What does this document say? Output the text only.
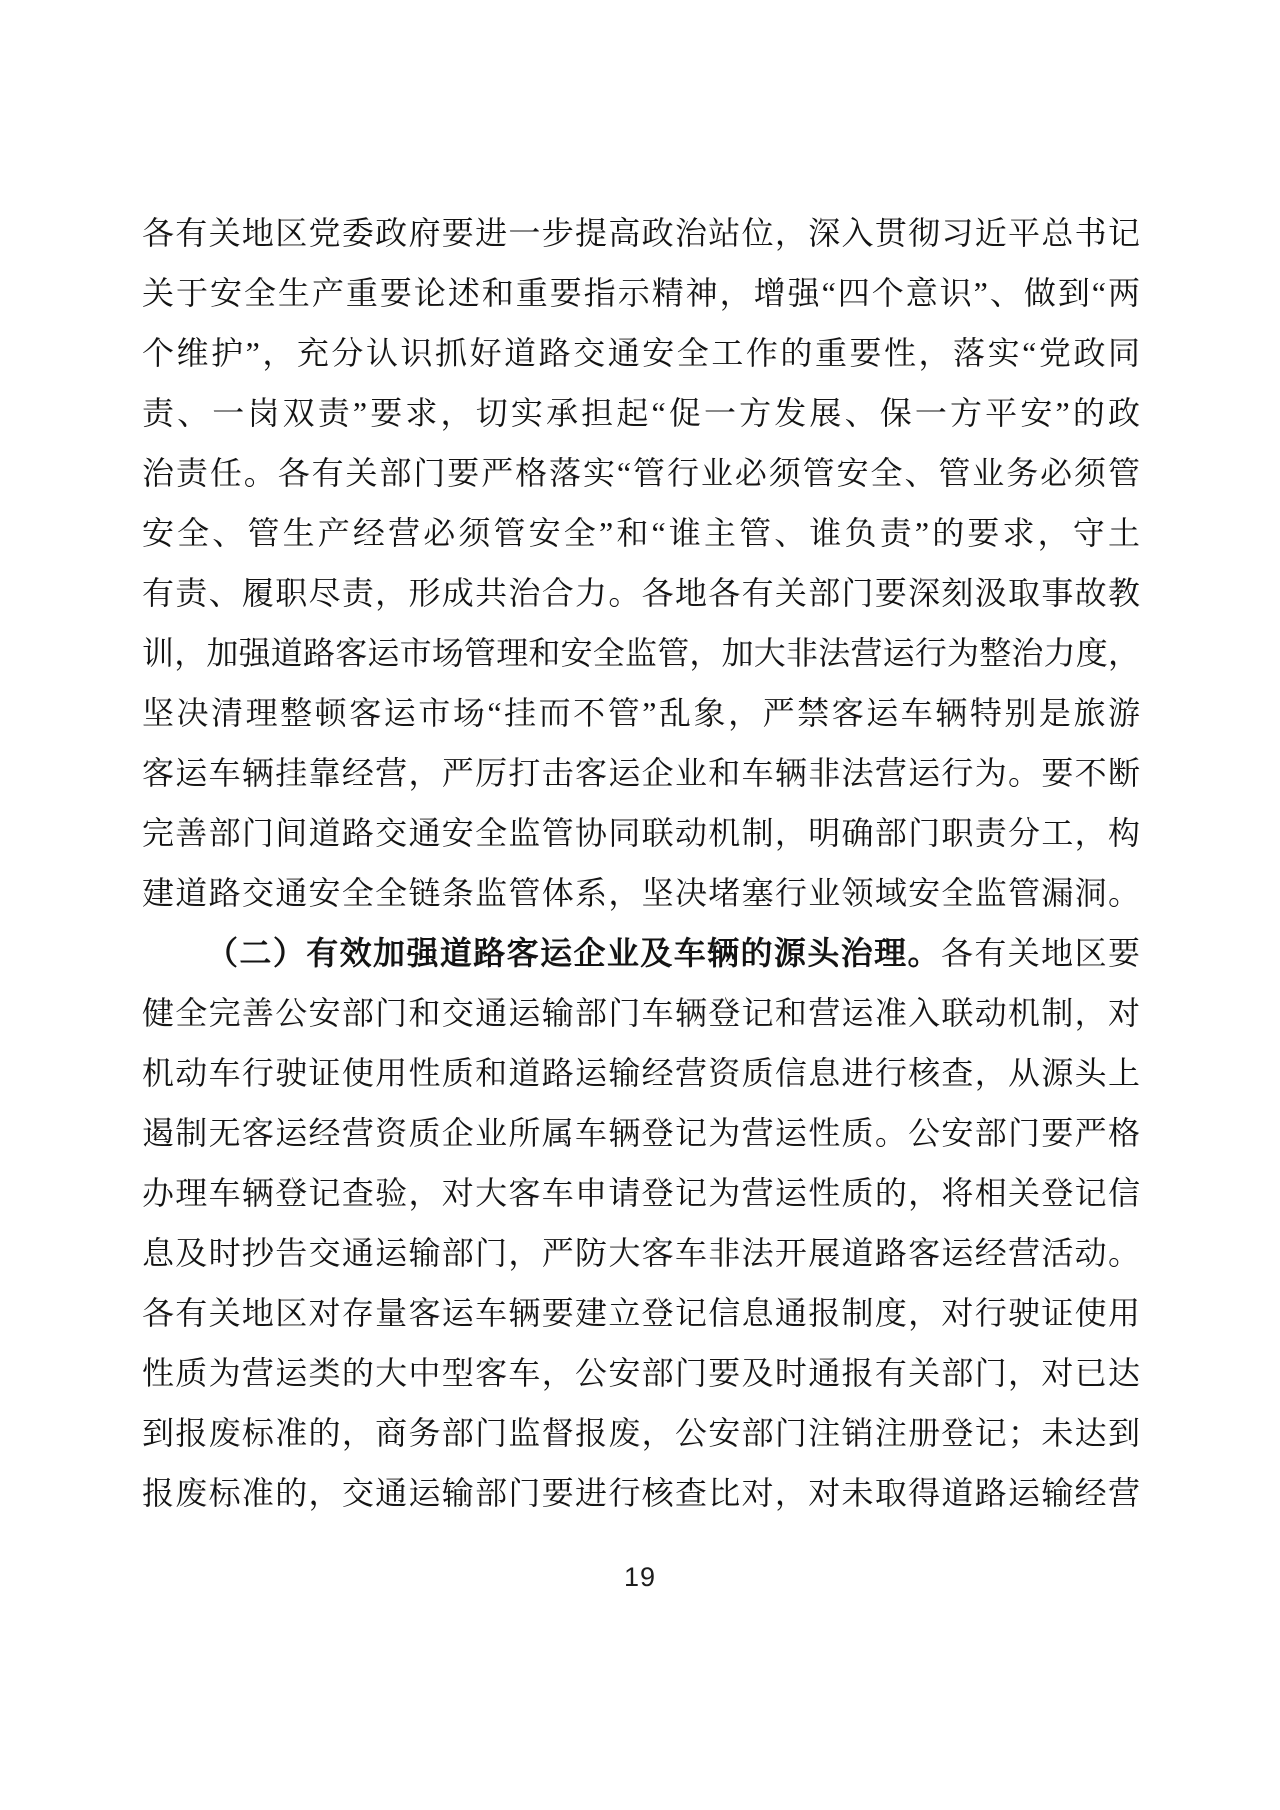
各有关地区党委政府要进一步提高政治站位，深入贯彻习近平总书记
关于安全生产重要论述和重要指示精神，增强“四个意识”、做到“两
个维护”，充分认识抓好道路交通安全工作的重要性，落实“党政同
责、一岗双责”要求，切实承担起“促一方发展、保一方平安”的政
治责任。各有关部门要严格落实“管行业必须管安全、管业务必须管
安全、管生产经营必须管安全”和“谁主管、谁负责”的要求，守土
有责、履职尽责，形成共治合力。各地各有关部门要深刻汲取事故教
训，加强道路客运市场管理和安全监管，加大非法营运行为整治力度，
坚决清理整顿客运市场“挂而不管”乱象，严禁客运车辆特别是旅游
客运车辆挂靠经营，严厉打击客运企业和车辆非法营运行为。要不断
完善部门间道路交通安全监管协同联动机制，明确部门职责分工，构
建道路交通安全全链条监管体系，坚决堵塞行业领域安全监管漏洞。
（二）有效加强道路客运企业及车辆的源头治理。各有关地区要
健全完善公安部门和交通运输部门车辆登记和营运准入联动机制，对
机动车行驶证使用性质和道路运输经营资质信息进行核查，从源头上
遏制无客运经营资质企业所属车辆登记为营运性质。公安部门要严格
办理车辆登记查验，对大客车申请登记为营运性质的，将相关登记信
息及时抄告交通运输部门，严防大客车非法开展道路客运经营活动。
各有关地区对存量客运车辆要建立登记信息通报制度，对行驶证使用
性质为营运类的大中型客车，公安部门要及时通报有关部门，对已达
到报废标准的，商务部门监督报废，公安部门注销注册登记；未达到
报废标准的，交通运输部门要进行核查比对，对未取得道路运输经营
19
